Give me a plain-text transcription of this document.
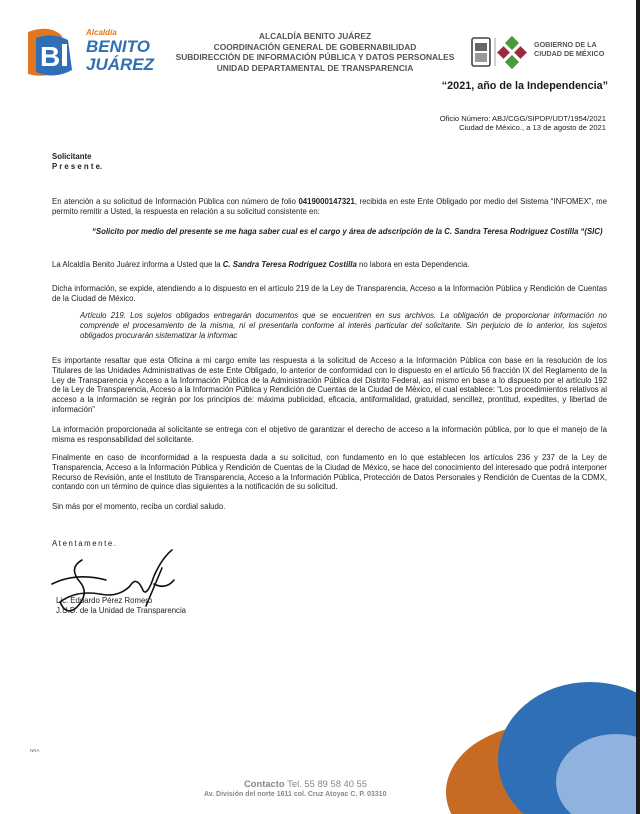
B
Alcaldía
BENITO
JUÁREZ
ALCALDÍA BENITO JUÁREZ
COORDINACIÓN GENERAL DE GOBERNABILIDAD
SUBDIRECCIÓN DE INFORMACIÓN PÚBLICA Y DATOS PERSONALES
UNIDAD DEPARTAMENTAL DE TRANSPARENCIA
GOBIERNO DE LA
CIUDAD DE MÉXICO
“2021, año de la Independencia”
Oficio Número: ABJ/CGG/SIPDP/UDT/1954/2021
Ciudad de México., a 13 de agosto de 2021
Solicitante
P r e s e n t e.
En atención a su solicitud de Información Pública con número de folio 0419000147321, recibida en este Ente Obligado por medio del Sistema “INFOMEX”, me permito remitir a Usted, la respuesta en relación a su solicitud consistente en:
“Solicito por medio del presente se me haga saber cual es el cargo y área de adscripción de la C. Sandra Teresa Rodriguez Costilla “(SIC)
La Alcaldía Benito Juárez informa a Usted que la C. Sandra Teresa Rodríguez Costilla no labora en esta Dependencia.
Dicha información, se expide, atendiendo a lo dispuesto en el artículo 219 de la Ley de Transparencia, Acceso a la Información Pública y Rendición de Cuentas de la Ciudad de México.
Artículo 219. Los sujetos obligados entregarán documentos que se encuentren en sus archivos. La obligación de proporcionar información no comprende el procesamiento de la misma, ni el presentarla conforme al interés particular del solicitante. Sin perjuicio de lo anterior, los sujetos obligados procurarán sistematizar la informac
Es importante resaltar que esta Oficina a mi cargo emite las respuesta a la solicitud de Acceso a la Información Pública con base en la resolución de los Titulares de las Unidades Administrativas de este Ente Obligado, lo anterior de conformidad con lo dispuesto en el artículo 56 fracción IX del Reglamento de la Ley de Transparencia y Acceso a la Información Pública de la Administración Pública del Distrito Federal, así mismo en base a lo dispuesto por el artículo 192 de la Ley de Transparencia, Acceso a la Información Pública y Rendición de Cuentas de la Ciudad de México, el cual establece: “Los procedimientos relativos al acceso a la información se regirán por los principios de: máxima publicidad, eficacia, antiformalidad, gratuidad, sencillez, prontitud, expedites, y libertad de información”
La información proporcionada al solicitante se entrega con el objetivo de garantizar el derecho de acceso a la información pública, por lo que el manejo de la misma es responsabilidad del solicitante.
Finalmente en caso de inconformidad a la respuesta dada a su solicitud, con fundamento en lo que establecen los artículos 236 y 237 de la Ley de Transparencia, Acceso a la Información Pública y Rendición de Cuentas de la Ciudad de México, se hace del conocimiento del interesado que podrá interponer Recurso de Revisión, ante el Instituto de Transparencia, Acceso a la Información Pública, Protección de Datos Personales y Rendición de Cuentas de la CDMX, contando con un término de quince días siguientes a la notificación de su solicitud.
Sin más por el momento, reciba un cordial saludo.
Atentamente.
Lic. Eduardo Pérez Romero
J.U.D. de la Unidad de Transparencia
NRA
Contacto Tel. 55 89 58 40 55
Av. División del norte 1611 col. Cruz Atoyac C. P. 03310
